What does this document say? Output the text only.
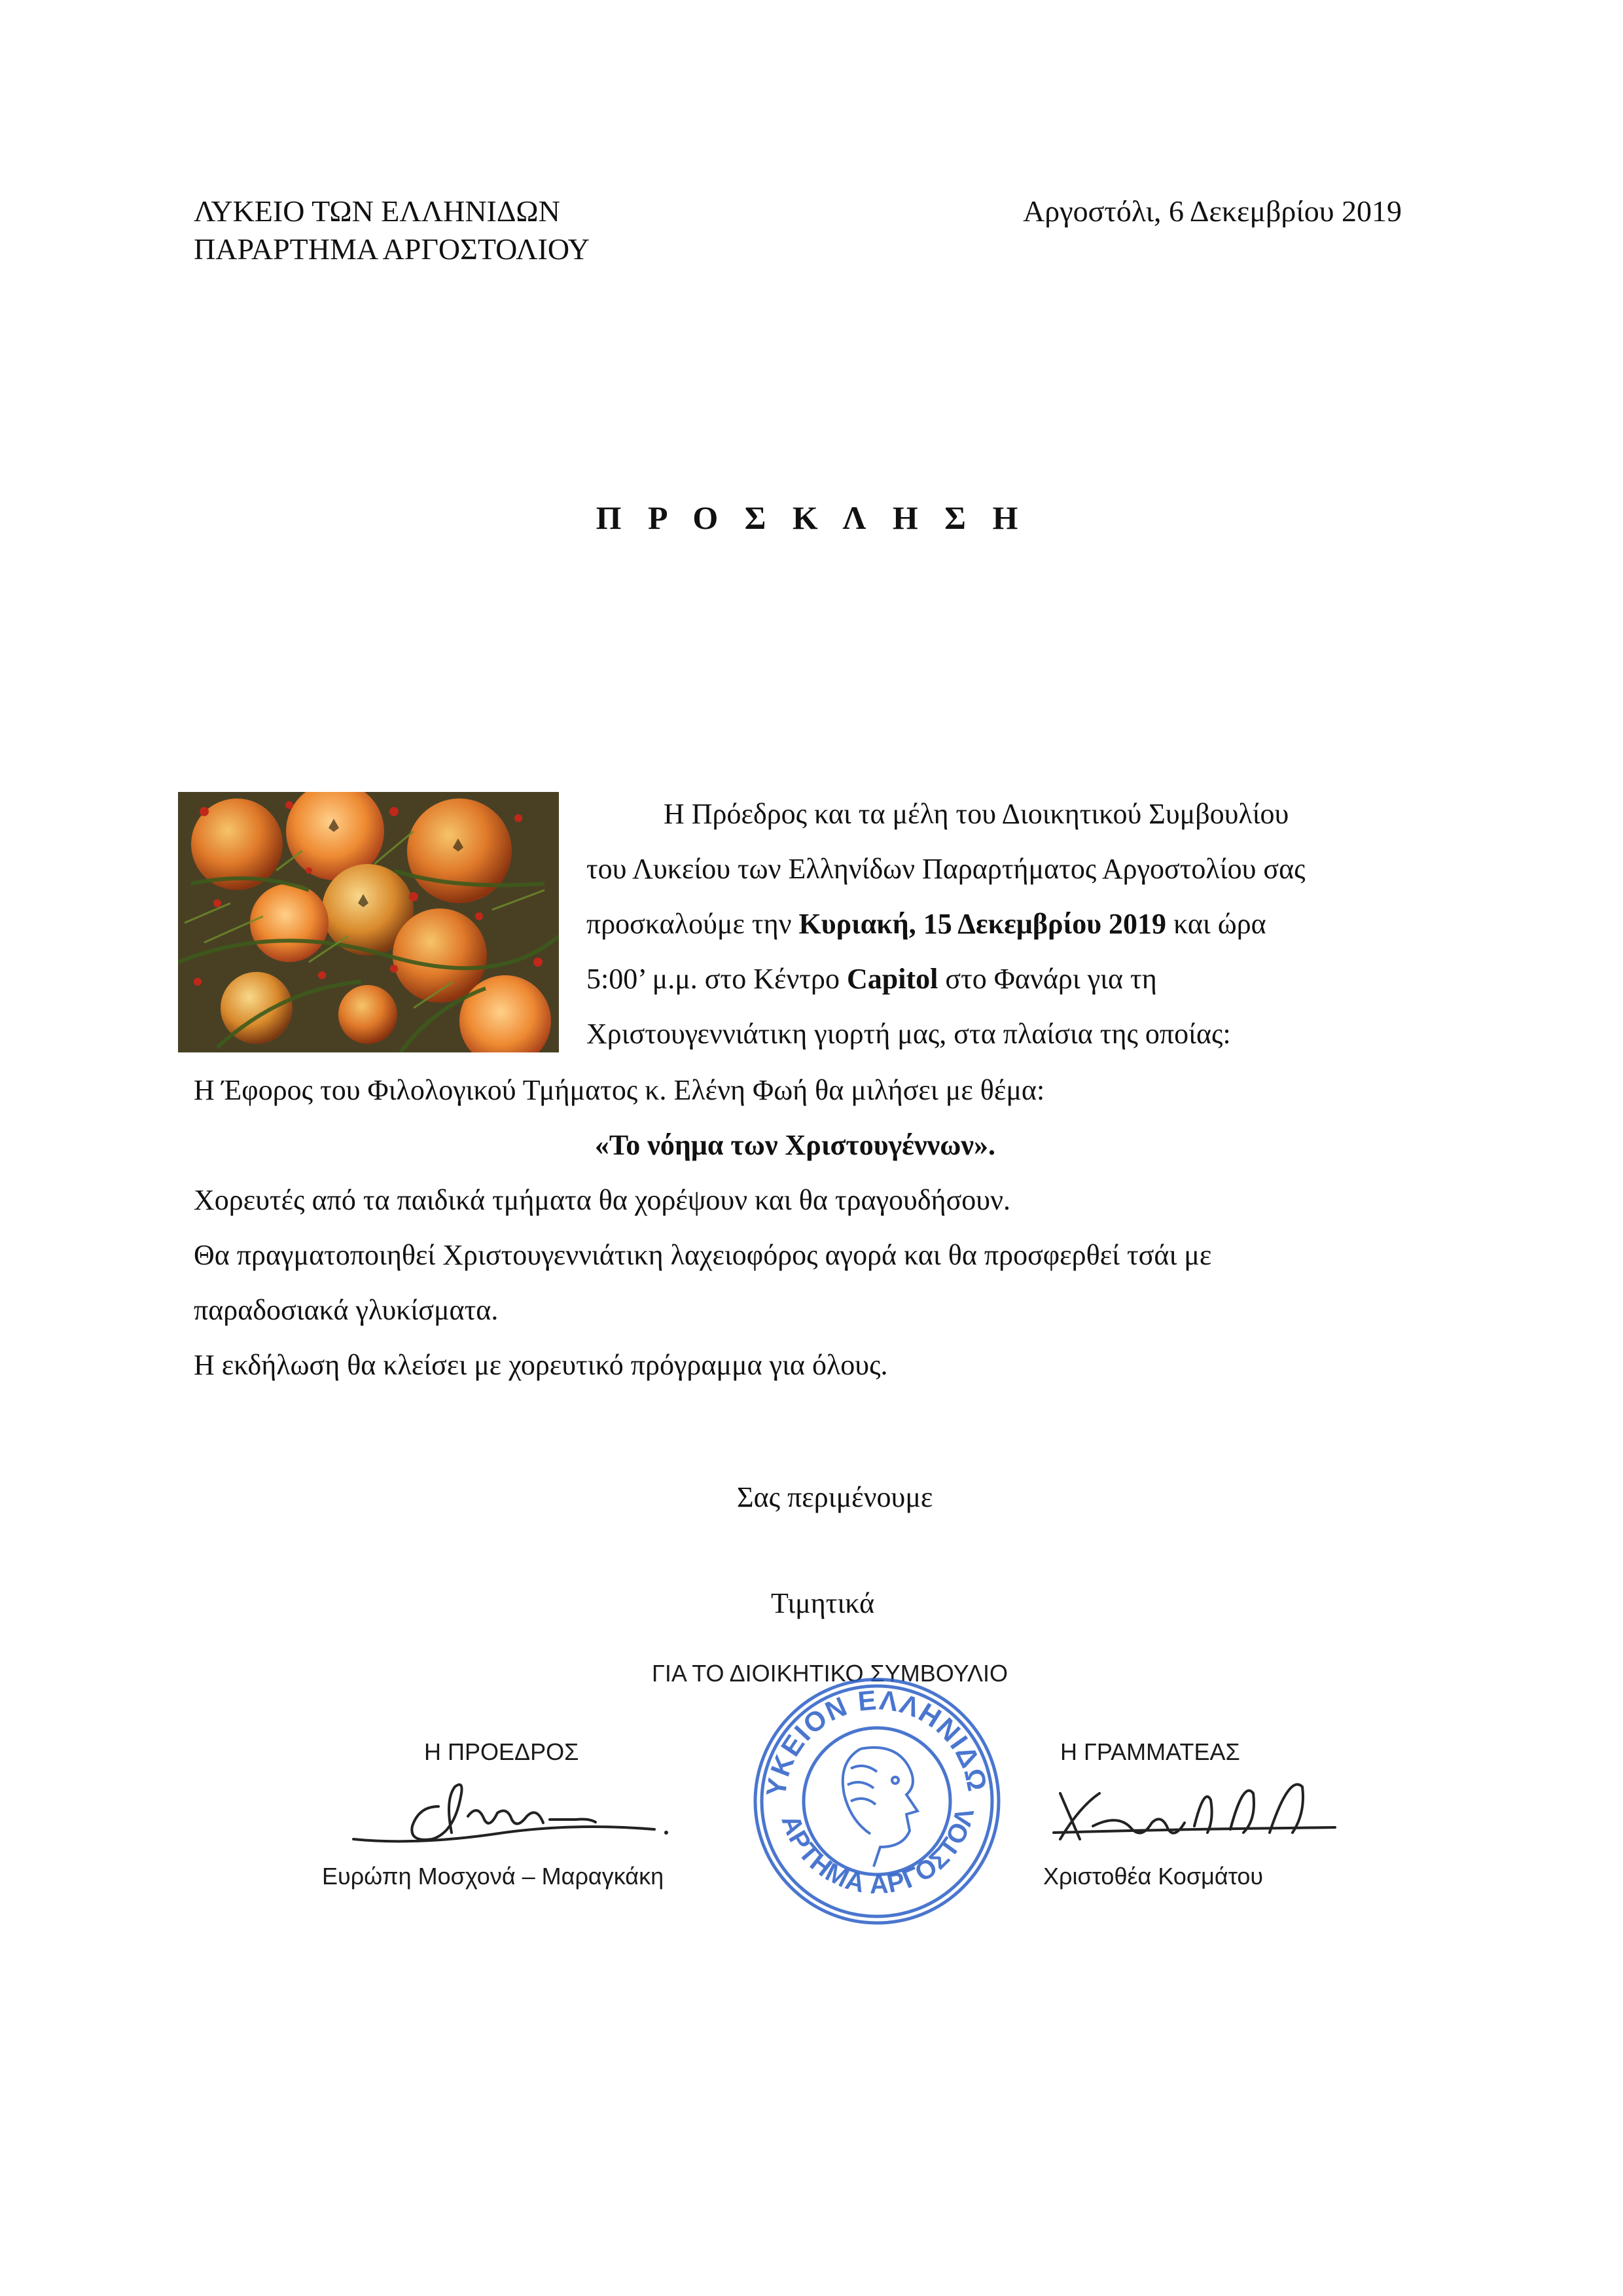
ΛΥΚΕΙΟ ΤΩΝ ΕΛΛΗΝΙΔΩΝ
ΠΑΡΑΡΤΗΜΑ ΑΡΓΟΣΤΟΛΙΟΥ
Αργοστόλι, 6 Δεκεμβρίου 2019
Π Ρ Ο Σ Κ Λ Η Σ Η
Η Πρόεδρος και τα μέλη του Διοικητικού Συμβουλίου
του Λυκείου των Ελληνίδων Παραρτήματος Αργοστολίου σας
προσκαλούμε την Κυριακή, 15 Δεκεμβρίου 2019 και ώρα
5:00’ μ.μ. στο Κέντρο Capitol στο Φανάρι για τη
Χριστουγεννιάτικη γιορτή μας, στα πλαίσια της οποίας:
Η Έφορος του Φιλολογικού Τμήματος κ. Ελένη Φωή θα μιλήσει με θέμα:
«Το νόημα των Χριστουγέννων».
Χορευτές από τα παιδικά τμήματα θα χορέψουν και θα τραγουδήσουν.
Θα πραγματοποιηθεί Χριστουγεννιάτικη λαχειοφόρος αγορά και θα προσφερθεί τσάι με
παραδοσιακά γλυκίσματα.
Η εκδήλωση θα κλείσει με χορευτικό πρόγραμμα για όλους.
Σας περιμένουμε
Τιμητικά
ΓΙΑ ΤΟ ΔΙΟΙΚΗΤΙΚΟ ΣΥΜΒΟΥΛΙΟ
Η ΠΡΟΕΔΡΟΣ	Η ΓΡΑΜΜΑΤΕΑΣ
ΥΚΕΙΟΝ ΕΛΛΗΝΙΔΩ
ΑΡΤΗΜΑ ΑΡΓΟΣΤΟΛ
Ευρώπη Μοσχονά – Μαραγκάκη	Χριστοθέα Κοσμάτου
